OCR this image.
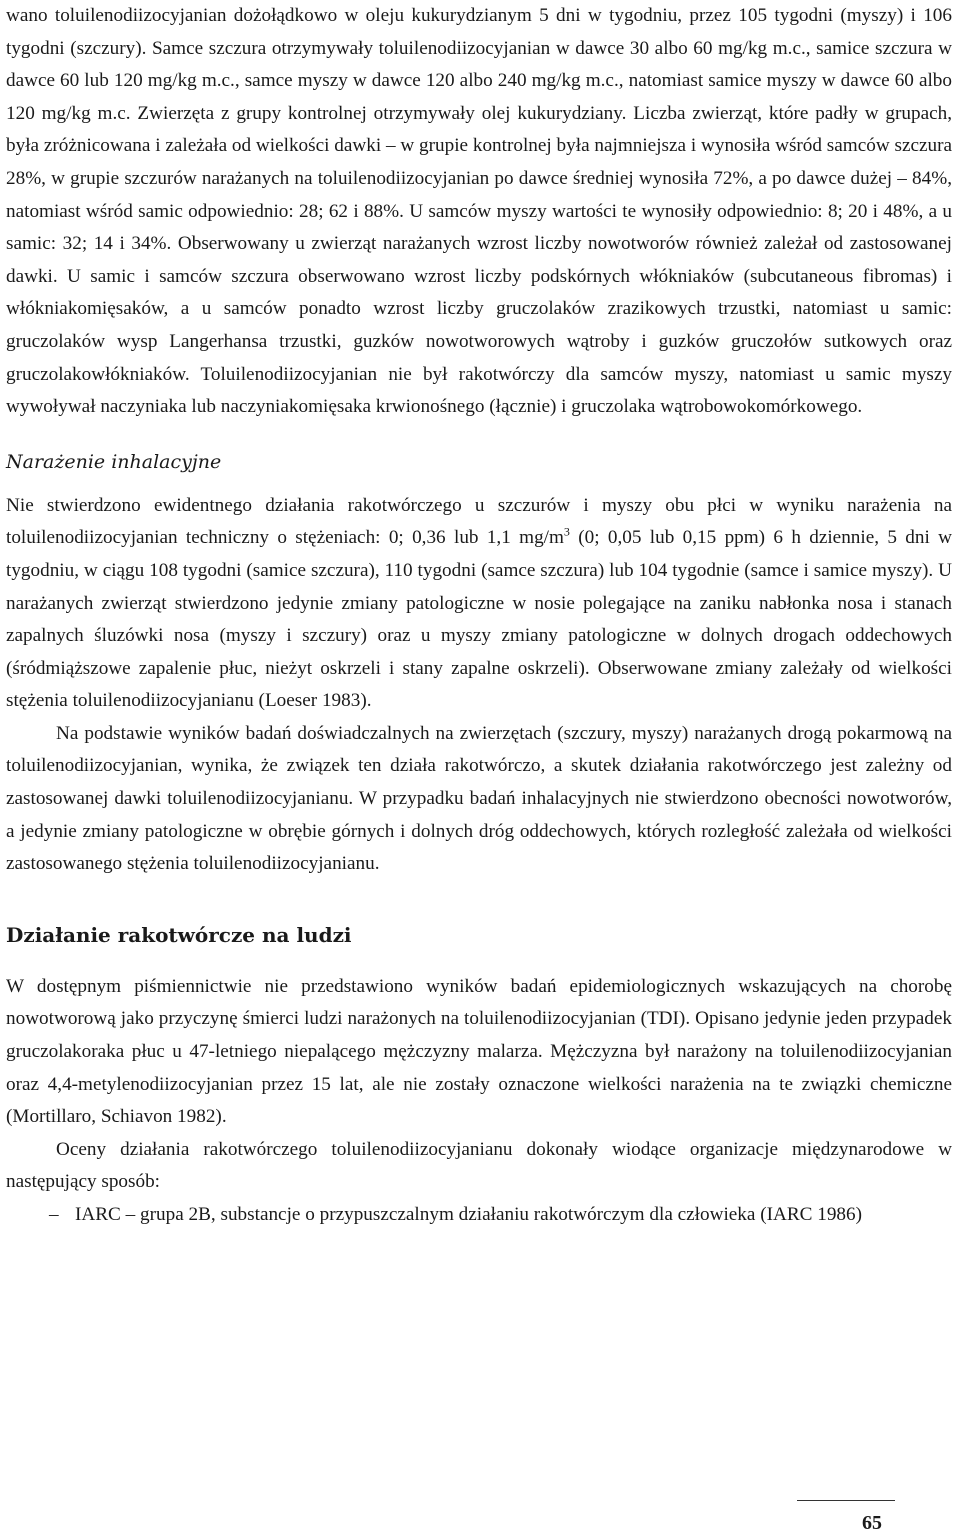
wano toluilenodiizocyjanian dożołądkowo w oleju kukurydzianym 5 dni w tygodniu, przez 105 tygodni (myszy) i 106 tygodni (szczury). Samce szczura otrzymywały toluilenodiizocyjanian w dawce 30 albo 60 mg/kg m.c., samice szczura w dawce 60 lub 120 mg/kg m.c., samce myszy w dawce 120 albo 240 mg/kg m.c., natomiast samice myszy w dawce 60 albo 120 mg/kg m.c. Zwierzęta z grupy kontrolnej otrzymywały olej kukurydziany. Liczba zwierząt, które padły w grupach, była zróżnicowana i zależała od wielkości dawki – w grupie kontrolnej była najmniejsza i wynosiła wśród samców szczura 28%, w grupie szczurów narażanych na toluilenodiizocyjanian po dawce średniej wynosiła 72%, a po dawce dużej – 84%, natomiast wśród samic odpowiednio: 28; 62 i 88%. U samców myszy wartości te wynosiły odpowiednio: 8; 20 i 48%, a u samic: 32; 14 i 34%. Obserwowany u zwierząt narażanych wzrost liczby nowotworów również zależał od zastosowanej dawki. U samic i samców szczura obserwowano wzrost liczby podskórnych włókniaków (subcutaneous fibromas) i włókniakomięsaków, a u samców ponadto wzrost liczby gruczolaków zrazikowych trzustki, natomiast u samic: gruczolaków wysp Langerhansa trzustki, guzków nowotworowych wątroby i guzków gruczołów sutkowych oraz gruczolakowłókniaków. Toluilenodiizocyjanian nie był rakotwórczy dla samców myszy, natomiast u samic myszy wywoływał naczyniaka lub naczyniakomięsaka krwionośnego (łącznie) i gruczolaka wątrobowokomórkowego.

Narażenie inhalacyjne

Nie stwierdzono ewidentnego działania rakotwórczego u szczurów i myszy obu płci w wyniku narażenia na toluilenodiizocyjanian techniczny o stężeniach: 0; 0,36 lub 1,1 $mg/m^3$ (0; 0,05 lub 0,15 ppm) 6 h dziennie, 5 dni w tygodniu, w ciągu 108 tygodni (samice szczura), 110 tygodni (samce szczura) lub 104 tygodnie (samce i samice myszy). U narażanych zwierząt stwierdzono jedynie zmiany patologiczne w nosie polegające na zaniku nabłonka nosa i stanach zapalnych śluzówki nosa (myszy i szczury) oraz u myszy zmiany patologiczne w dolnych drogach oddechowych (śródmiąższowe zapalenie płuc, nieżyt oskrzeli i stany zapalne oskrzeli). Obserwowane zmiany zależały od wielkości stężenia toluilenodiizocyjanianu (Loeser 1983).

Na podstawie wyników badań doświadczalnych na zwierzętach (szczury, myszy) narażanych drogą pokarmową na toluilenodiizocyjanian, wynika, że związek ten działa rakotwórczo, a skutek działania rakotwórczego jest zależny od zastosowanej dawki toluilenodiizocyjanianu. W przypadku badań inhalacyjnych nie stwierdzono obecności nowotworów, a jedynie zmiany patologiczne w obrębie górnych i dolnych dróg oddechowych, których rozległość zależała od wielkości zastosowanego stężenia toluilenodiizocyjanianu.

Działanie rakotwórcze na ludzi

W dostępnym piśmiennictwie nie przedstawiono wyników badań epidemiologicznych wskazujących na chorobę nowotworową jako przyczynę śmierci ludzi narażonych na toluilenodiizocyjanian (TDI). Opisano jedynie jeden przypadek gruczolakoraka płuc u 47-letniego niepalącego mężczyzny malarza. Mężczyzna był narażony na toluilenodiizocyjanian oraz 4,4-metylenodiizocyjanian przez 15 lat, ale nie zostały oznaczone wielkości narażenia na te związki chemiczne (Mortillaro, Schiavon 1982).

Oceny działania rakotwórczego toluilenodiizocyjanianu dokonały wiodące organizacje międzynarodowe w następujący sposób:

– IARC – grupa 2B, substancje o przypuszczalnym działaniu rakotwórczym dla człowieka (IARC 1986)
65
